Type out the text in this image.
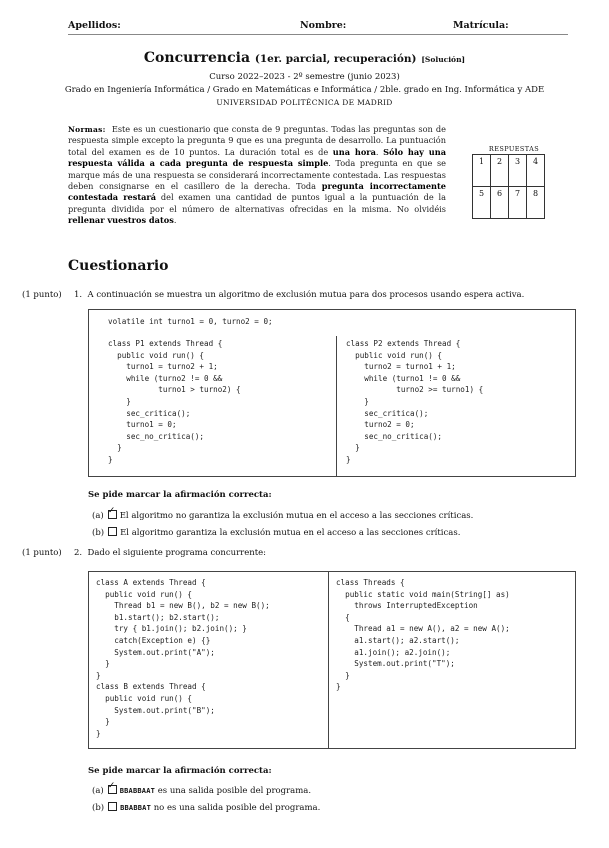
Apellidos:	Nombre:	Matrícula:
Concurrencia (1er. parcial, recuperación) [Solución]
Curso 2022–2023 - 2º semestre (junio 2023)
Grado en Ingeniería Informática / Grado en Matemáticas e Informática / 2ble. grado en Ing. Informática y ADE
UNIVERSIDAD POLITÉCNICA DE MADRID
Normas: Este es un cuestionario que consta de 9 preguntas. Todas las preguntas son de respuesta simple excepto la pregunta 9 que es una pregunta de desarrollo. La puntuación total del examen es de 10 puntos. La duración total es de una hora. Sólo hay una respuesta válida a cada pregunta de respuesta simple. Toda pregunta en que se marque más de una respuesta se considerará incorrectamente contestada. Las respuestas deben consignarse en el casillero de la derecha. Toda pregunta incorrectamente contestada restará del examen una cantidad de puntos igual a la puntuación de la pregunta dividida por el número de alternativas ofrecidas en la misma. No olvidéis rellenar vuestros datos.
RESPUESTAS
1	2	3	4
5	6	7	8
Cuestionario
(1 punto) 1. A continuación se muestra un algoritmo de exclusión mutua para dos procesos usando espera activa.
volatile int turno1 = 0, turno2 = 0;
class P1 extends Thread {
public void run() {
turno1 = turno2 + 1;
while (turno2 != 0 &&
turno1 > turno2) {
}
sec_critica();
turno1 = 0;
sec_no_critica();
}
}
class P2 extends Thread {
public void run() {
turno2 = turno1 + 1;
while (turno1 != 0 &&
turno2 >= turno1) {
}
sec_critica();
turno2 = 0;
sec_no_critica();
}
}
Se pide marcar la afirmación correcta:
(a) ✓ El algoritmo no garantiza la exclusión mutua en el acceso a las secciones críticas.
(b) El algoritmo garantiza la exclusión mutua en el acceso a las secciones críticas.
(1 punto) 2. Dado el siguiente programa concurrente:
class A extends Thread {
public void run() {
Thread b1 = new B(), b2 = new B();
b1.start(); b2.start();
try { b1.join(); b2.join(); }
catch(Exception e) {}
System.out.print("A");
}
}
class B extends Thread {
public void run() {
System.out.print("B");
}
}
class Threads {
public static void main(String[] as)
throws InterruptedException
{
Thread a1 = new A(), a2 = new A();
a1.start(); a2.start();
a1.join(); a2.join();
System.out.print("T");
}
}
Se pide marcar la afirmación correcta:
(a) ✓ BBABBAAT es una salida posible del programa.
(b) BBABBAT no es una salida posible del programa.
